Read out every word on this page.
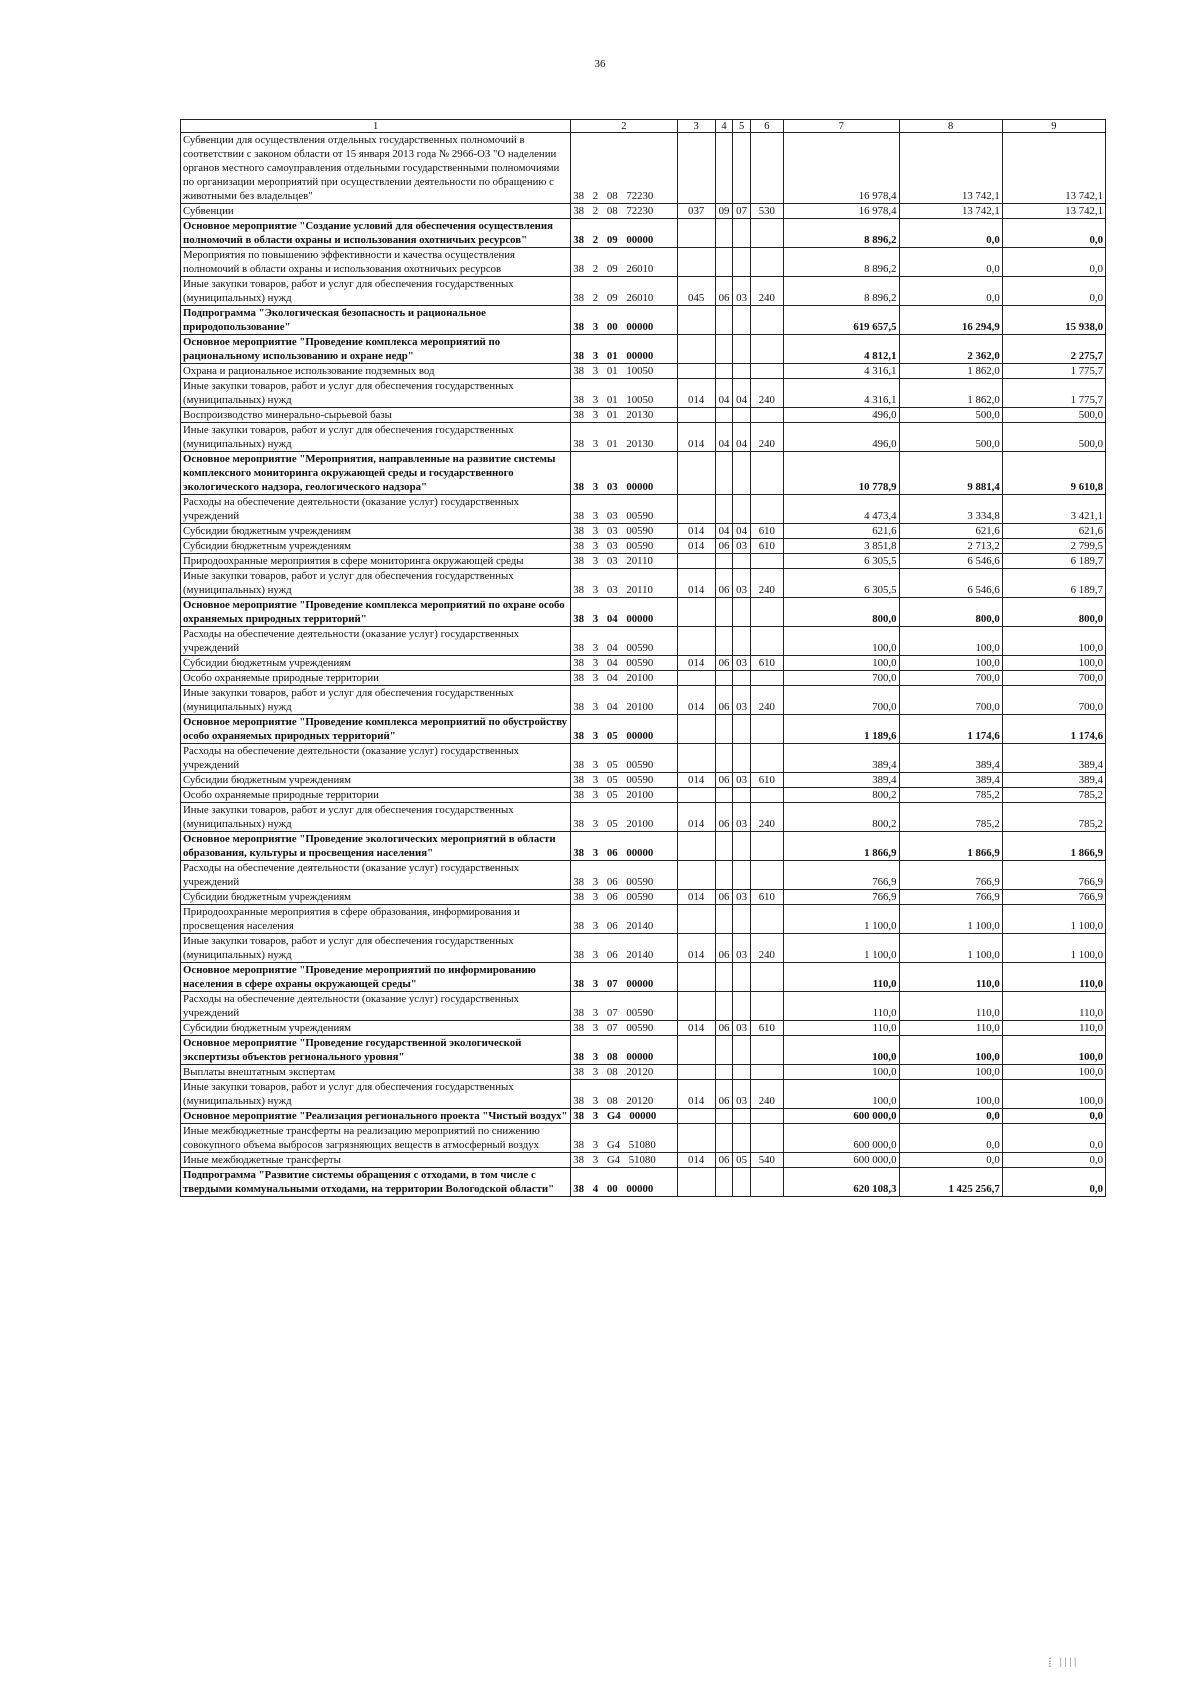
36
1	2	3	4	5	6	7	8	9
Субвенции для осуществления отдельных государственных полномочий в соответствии с законом области от 15 января 2013 года № 2966-ОЗ "О наделении органов местного самоуправления отдельными государственными полномочиями по организации мероприятий при осуществлении деятельности по обращению с животными без владельцев"	38 2 08 72230					16 978,4	13 742,1	13 742,1
Субвенции	38 2 08 72230	037	09	07	530	16 978,4	13 742,1	13 742,1
Основное мероприятие "Создание условий для обеспечения осуществления полномочий в области охраны и использования охотничьих ресурсов"	38 2 09 00000					8 896,2	0,0	0,0
Мероприятия по повышению эффективности и качества осуществления полномочий в области охраны и использования охотничьих ресурсов	38 2 09 26010					8 896,2	0,0	0,0
Иные закупки товаров, работ и услуг для обеспечения государственных (муниципальных) нужд	38 2 09 26010	045	06	03	240	8 896,2	0,0	0,0
Подпрограмма "Экологическая безопасность и рациональное природопользование"	38 3 00 00000					619 657,5	16 294,9	15 938,0
Основное мероприятие "Проведение комплекса мероприятий по рациональному использованию и охране недр"	38 3 01 00000					4 812,1	2 362,0	2 275,7
Охрана и рациональное использование подземных вод	38 3 01 10050					4 316,1	1 862,0	1 775,7
Иные закупки товаров, работ и услуг для обеспечения государственных (муниципальных) нужд	38 3 01 10050	014	04	04	240	4 316,1	1 862,0	1 775,7
Воспроизводство минерально-сырьевой базы	38 3 01 20130					496,0	500,0	500,0
Иные закупки товаров, работ и услуг для обеспечения государственных (муниципальных) нужд	38 3 01 20130	014	04	04	240	496,0	500,0	500,0
Основное мероприятие "Мероприятия, направленные на развитие системы комплексного мониторинга окружающей среды и государственного экологического надзора, геологического надзора"	38 3 03 00000					10 778,9	9 881,4	9 610,8
Расходы на обеспечение деятельности (оказание услуг) государственных учреждений	38 3 03 00590					4 473,4	3 334,8	3 421,1
Субсидии бюджетным учреждениям	38 3 03 00590	014	04	04	610	621,6	621,6	621,6
Субсидии бюджетным учреждениям	38 3 03 00590	014	06	03	610	3 851,8	2 713,2	2 799,5
Природоохранные мероприятия в сфере мониторинга окружающей среды	38 3 03 20110					6 305,5	6 546,6	6 189,7
Иные закупки товаров, работ и услуг для обеспечения государственных (муниципальных) нужд	38 3 03 20110	014	06	03	240	6 305,5	6 546,6	6 189,7
Основное мероприятие "Проведение комплекса мероприятий по охране особо охраняемых природных территорий"	38 3 04 00000					800,0	800,0	800,0
Расходы на обеспечение деятельности (оказание услуг) государственных учреждений	38 3 04 00590					100,0	100,0	100,0
Субсидии бюджетным учреждениям	38 3 04 00590	014	06	03	610	100,0	100,0	100,0
Особо охраняемые природные территории	38 3 04 20100					700,0	700,0	700,0
Иные закупки товаров, работ и услуг для обеспечения государственных (муниципальных) нужд	38 3 04 20100	014	06	03	240	700,0	700,0	700,0
Основное мероприятие "Проведение комплекса мероприятий по обустройству особо охраняемых природных территорий"	38 3 05 00000					1 189,6	1 174,6	1 174,6
Расходы на обеспечение деятельности (оказание услуг) государственных учреждений	38 3 05 00590					389,4	389,4	389,4
Субсидии бюджетным учреждениям	38 3 05 00590	014	06	03	610	389,4	389,4	389,4
Особо охраняемые природные территории	38 3 05 20100					800,2	785,2	785,2
Иные закупки товаров, работ и услуг для обеспечения государственных (муниципальных) нужд	38 3 05 20100	014	06	03	240	800,2	785,2	785,2
Основное мероприятие "Проведение экологических мероприятий в области образования, культуры и просвещения населения"	38 3 06 00000					1 866,9	1 866,9	1 866,9
Расходы на обеспечение деятельности (оказание услуг) государственных учреждений	38 3 06 00590					766,9	766,9	766,9
Субсидии бюджетным учреждениям	38 3 06 00590	014	06	03	610	766,9	766,9	766,9
Природоохранные мероприятия в сфере образования, информирования и просвещения населения	38 3 06 20140					1 100,0	1 100,0	1 100,0
Иные закупки товаров, работ и услуг для обеспечения государственных (муниципальных) нужд	38 3 06 20140	014	06	03	240	1 100,0	1 100,0	1 100,0
Основное мероприятие "Проведение мероприятий по информированию населения в сфере охраны окружающей среды"	38 3 07 00000					110,0	110,0	110,0
Расходы на обеспечение деятельности (оказание услуг) государственных учреждений	38 3 07 00590					110,0	110,0	110,0
Субсидии бюджетным учреждениям	38 3 07 00590	014	06	03	610	110,0	110,0	110,0
Основное мероприятие "Проведение государственной экологической экспертизы объектов регионального уровня"	38 3 08 00000					100,0	100,0	100,0
Выплаты внештатным экспертам	38 3 08 20120					100,0	100,0	100,0
Иные закупки товаров, работ и услуг для обеспечения государственных (муниципальных) нужд	38 3 08 20120	014	06	03	240	100,0	100,0	100,0
Основное мероприятие "Реализация регионального проекта "Чистый воздух"	38 3 G4 00000					600 000,0	0,0	0,0
Иные межбюджетные трансферты на реализацию мероприятий по снижению совокупного объема выбросов загрязняющих веществ в атмосферный воздух	38 3 G4 51080					600 000,0	0,0	0,0
Иные межбюджетные трансферты	38 3 G4 51080	014	06	05	540	600 000,0	0,0	0,0
Подпрограмма "Развитие системы обращения с отходами, в том числе с твердыми коммунальными отходами, на территории Вологодской области"	38 4 00 00000					620 108,3	1 425 256,7	0,0
⁞ ǀǀǀǀ
